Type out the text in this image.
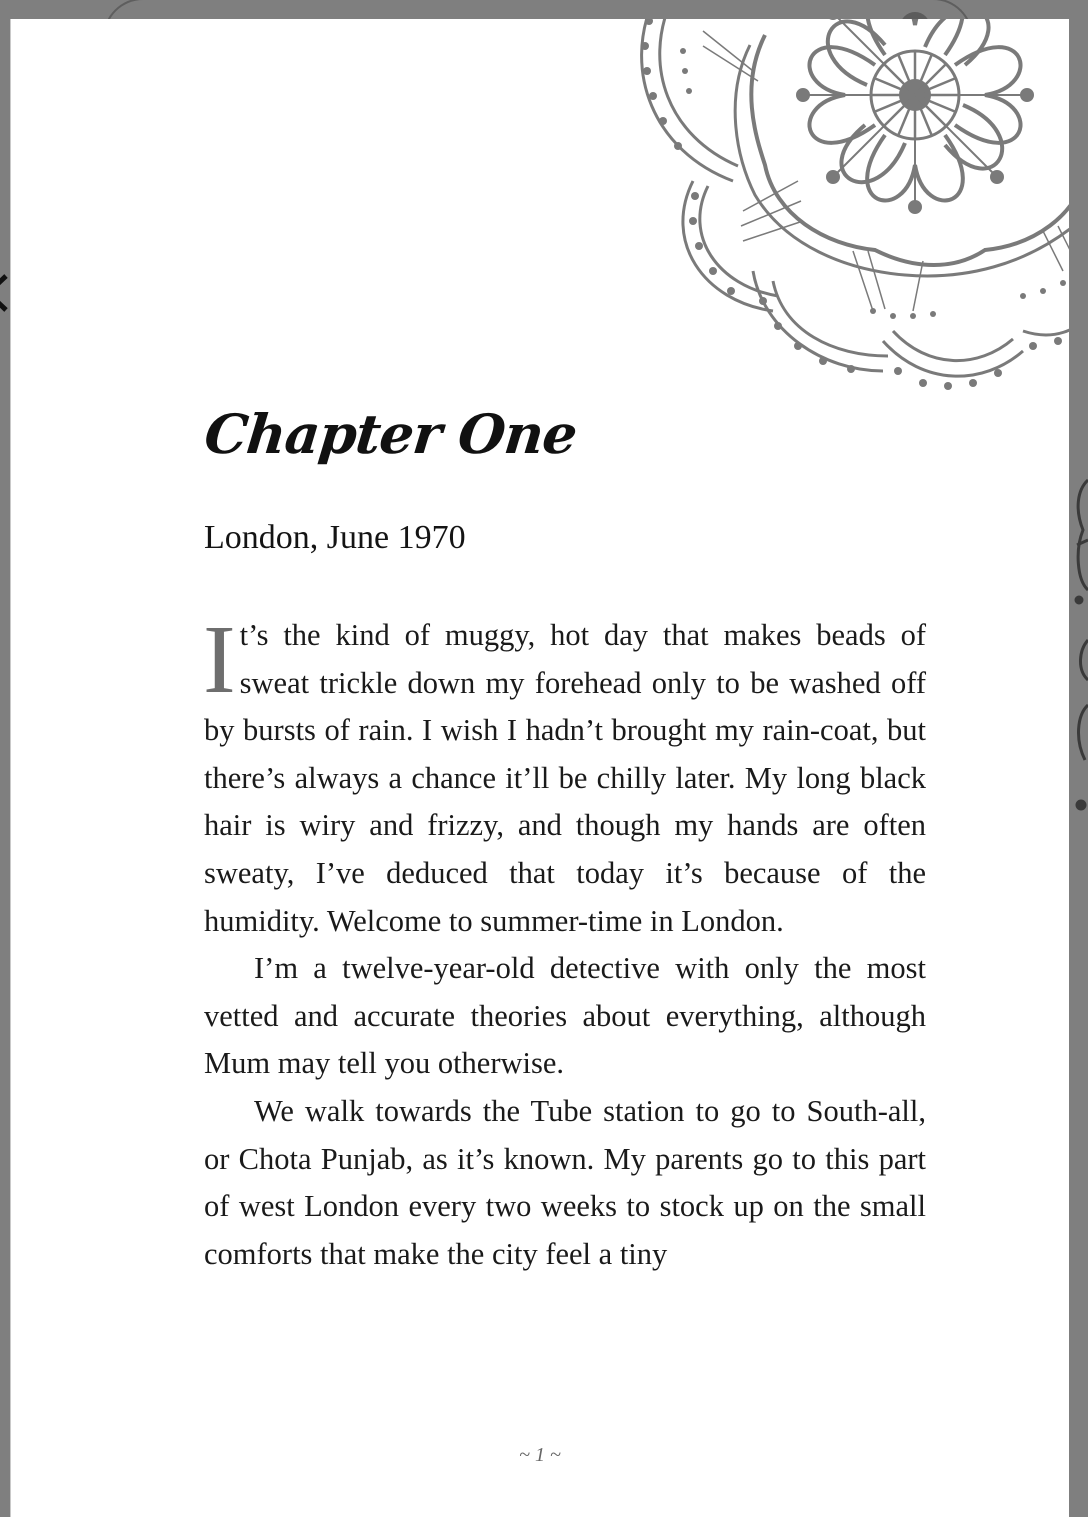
Chapter One
London, June 1970

It’s the kind of muggy, hot day that makes beads of sweat trickle down my forehead only to be washed off by bursts of rain. I wish I hadn’t brought my rain-coat, but there’s always a chance it’ll be chilly later. My long black hair is wiry and frizzy, and though my hands are often sweaty, I’ve deduced that today it’s because of the humidity. Welcome to summer-time in London.

I’m a twelve-year-old detective with only the most vetted and accurate theories about everything, although Mum may tell you otherwise.

We walk towards the Tube station to go to South-all, or Chota Punjab, as it’s known. My parents go to this part of west London every two weeks to stock up on the small comforts that make the city feel a tiny

~ 1 ~
